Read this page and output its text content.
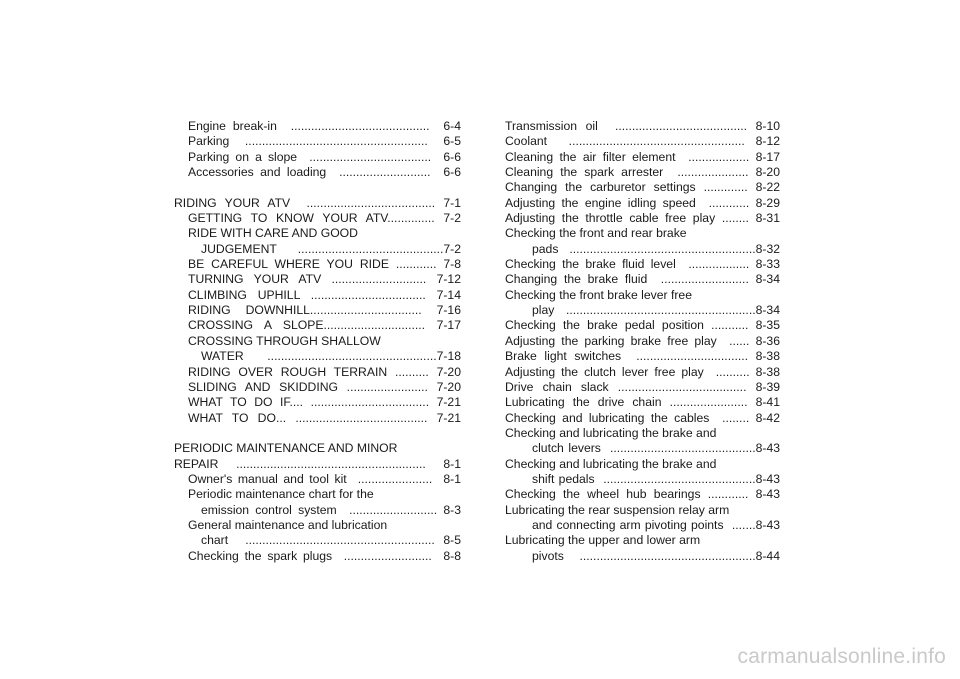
Engine break-in  .........................................  6-4
Parking  ......................................................  6-5
Parking on a slope  ....................................  6-6
Accessories and loading  ...........................  6-6
RIDING YOUR ATV  ...................................... 7-1
GETTING TO KNOW YOUR ATV.............. 7-2
RIDE WITH CARE AND GOOD
JUDGEMENT ...........................................7-2
BE CAREFUL WHERE YOU RIDE ............ 7-8
TURNING YOUR ATV ............................ 7-12
CLIMBING UPHILL .................................. 7-14
RIDING DOWNHILL................................. 7-16
CROSSING A SLOPE.............................. 7-17
CROSSING THROUGH SHALLOW
WATER ..................................................7-18
RIDING OVER ROUGH TERRAIN .......... 7-20
SLIDING AND SKIDDING ........................ 7-20
WHAT TO DO IF.... ................................... 7-21
WHAT TO DO... ....................................... 7-21
PERIODIC MAINTENANCE AND MINOR
REPAIR ........................................................ 8-1
Owner's manual and tool kit  ......................  8-1
Periodic maintenance chart for the
emission control system  .......................... 8-3
General maintenance and lubrication
chart  ........................................................ 8-5
Checking the spark plugs  ..........................  8-8
Transmission oil  ....................................... 8-10
Coolant  .................................................... 8-12
Cleaning the air filter element  .................. 8-17
Cleaning the spark arrester  ..................... 8-20
Changing the carburetor settings ............. 8-22
Adjusting the engine idling speed  ............ 8-29
Adjusting the throttle cable free play ........ 8-31
Checking the front and rear brake
pads  .......................................................8-32
Checking the brake fluid level  .................. 8-33
Changing the brake fluid  .......................... 8-34
Checking the front brake lever free
play  ........................................................8-34
Checking the brake pedal position ........... 8-35
Adjusting the parking brake free play  ...... 8-36
Brake light switches  ................................. 8-38
Adjusting the clutch lever free play  .......... 8-38
Drive chain slack ...................................... 8-39
Lubricating the drive chain ....................... 8-41
Checking and lubricating the cables  ........ 8-42
Checking and lubricating the brake and
clutch levers  ...........................................8-43
Checking and lubricating the brake and
shift pedals  .............................................8-43
Checking the wheel hub bearings ............ 8-43
Lubricating the rear suspension relay arm
and connecting arm pivoting points  .......8-43
Lubricating the upper and lower arm
pivots  ....................................................8-44
carmanualsonline.info
